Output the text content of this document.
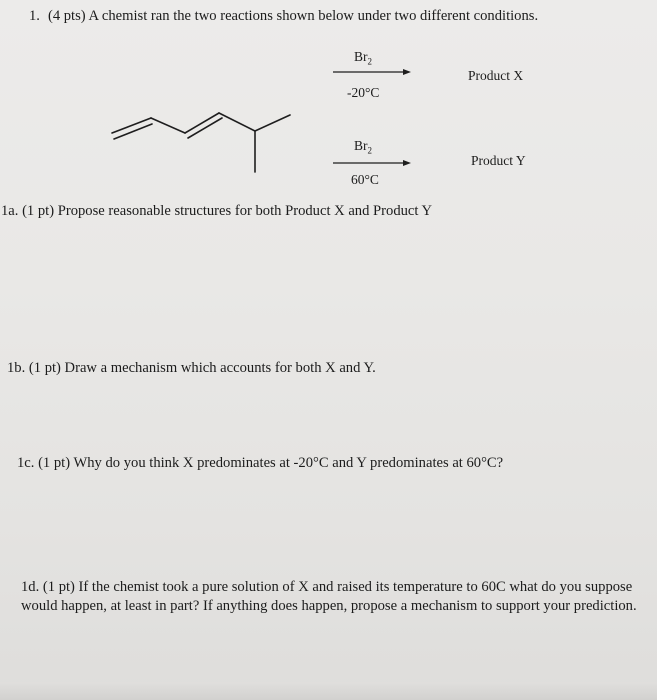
1. (4 pts) A chemist ran the two reactions shown below under two different conditions.
$Br_2$
-20°C
Product X
$Br_2$
60°C
Product Y
1a. (1 pt) Propose reasonable structures for both Product X and Product Y
1b. (1 pt) Draw a mechanism which accounts for both X and Y.
1c. (1 pt) Why do you think X predominates at -20°C and Y predominates at 60°C?
1d. (1 pt) If the chemist took a pure solution of X and raised its temperature to 60C what do you suppose would happen, at least in part? If anything does happen, propose a mechanism to support your prediction.
